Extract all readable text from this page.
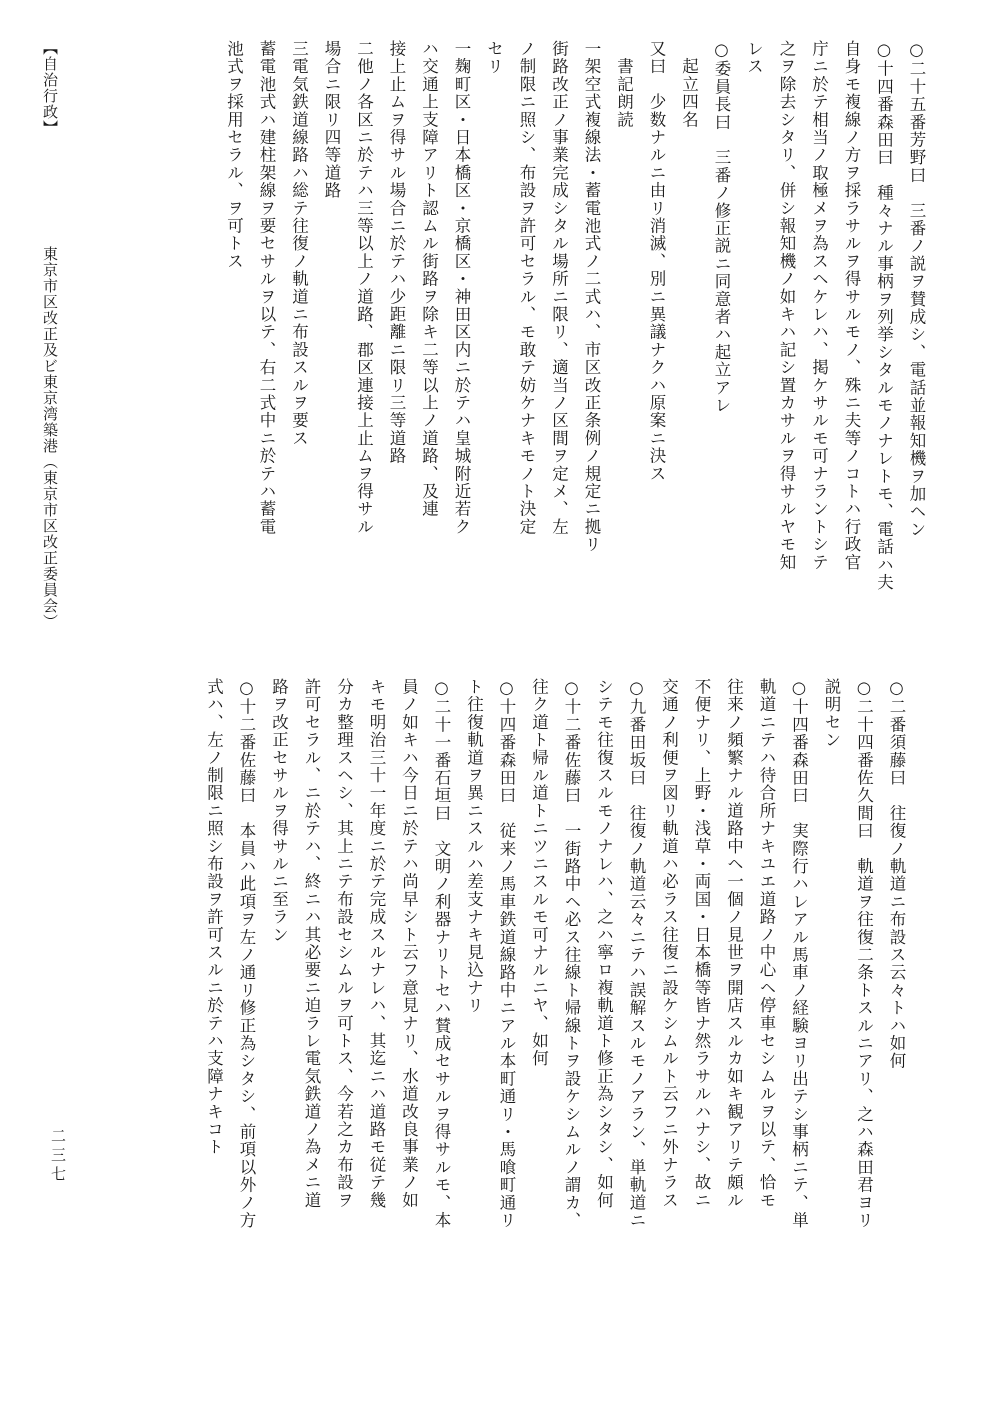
【自治行政】
東京市区改正及ビ東京湾築港（東京市区改正委員会）
二三七
○二十五番芳野曰　三番ノ説ヲ賛成シ、電話並報知機ヲ加ヘン
○十四番森田曰　種々ナル事柄ヲ列挙シタルモノナレトモ、電話ハ夫
自身モ複線ノ方ヲ採ラサルヲ得サルモノ、殊ニ夫等ノコトハ行政官
庁ニ於テ相当ノ取極メヲ為スヘケレハ、掲ケサルモ可ナラントシテ
之ヲ除去シタリ、併シ報知機ノ如キハ記シ置カサルヲ得サルヤモ知
レス
○委員長曰　三番ノ修正説ニ同意者ハ起立アレ
　起立四名
又曰　少数ナルニ由リ消滅、別ニ異議ナクハ原案ニ決ス
　書記朗読
一架空式複線法・蓄電池式ノ二式ハ、市区改正条例ノ規定ニ拠リ
街路改正ノ事業完成シタル場所ニ限リ、適当ノ区間ヲ定メ、左
ノ制限ニ照シ、布設ヲ許可セラル、モ敢テ妨ケナキモノト決定
セリ
一麹町区・日本橋区・京橋区・神田区内ニ於テハ皇城附近若ク
ハ交通上支障アリト認ムル街路ヲ除キ二等以上ノ道路、及連
接上止ムヲ得サル場合ニ於テハ少距離ニ限リ三等道路
二他ノ各区ニ於テハ三等以上ノ道路、郡区連接上止ムヲ得サル
場合ニ限リ四等道路
三電気鉄道線路ハ総テ往復ノ軌道ニ布設スルヲ要ス
蓄電池式ハ建柱架線ヲ要セサルヲ以テ、右二式中ニ於テハ蓄電
池式ヲ採用セラル、ヲ可トス
○二番須藤曰　往復ノ軌道ニ布設ス云々トハ如何
○二十四番佐久間曰　軌道ヲ往復二条トスルニアリ、之ハ森田君ヨリ
説明セン
○十四番森田曰　実際行ハレアル馬車ノ経験ヨリ出テシ事柄ニテ、単
軌道ニテハ待合所ナキユエ道路ノ中心ヘ停車セシムルヲ以テ、恰モ
往来ノ頻繁ナル道路中ヘ一個ノ見世ヲ開店スルカ如キ観アリテ頗ル
不便ナリ、上野・浅草・両国・日本橋等皆ナ然ラサルハナシ、故ニ
交通ノ利便ヲ図リ軌道ハ必ラス往復ニ設ケシムルト云フニ外ナラス
○九番田坂曰　往復ノ軌道云々ニテハ誤解スルモノアラン、単軌道ニ
シテモ往復スルモノナレハ、之ハ寧ロ複軌道ト修正為シタシ、如何
○十二番佐藤曰　一街路中ヘ必ス往線ト帰線トヲ設ケシムルノ謂カ、
往ク道ト帰ル道トニツニスルモ可ナルニヤ、如何
○十四番森田曰　従来ノ馬車鉄道線路中ニアル本町通リ・馬喰町通リ
ト往復軌道ヲ異ニスルハ差支ナキ見込ナリ
○二十一番石垣曰　文明ノ利器ナリトセハ賛成セサルヲ得サルモ、本
員ノ如キハ今日ニ於テハ尚早シト云フ意見ナリ、水道改良事業ノ如
キモ明治三十一年度ニ於テ完成スルナレハ、其迄ニハ道路モ従テ幾
分カ整理スヘシ、其上ニテ布設セシムルヲ可トス、今若之カ布設ヲ
許可セラル、ニ於テハ、終ニハ其必要ニ迫ラレ電気鉄道ノ為メニ道
路ヲ改正セサルヲ得サルニ至ラン
○十二番佐藤曰　本員ハ此項ヲ左ノ通リ修正為シタシ、前項以外ノ方
式ハ、左ノ制限ニ照シ布設ヲ許可スルニ於テハ支障ナキコト
